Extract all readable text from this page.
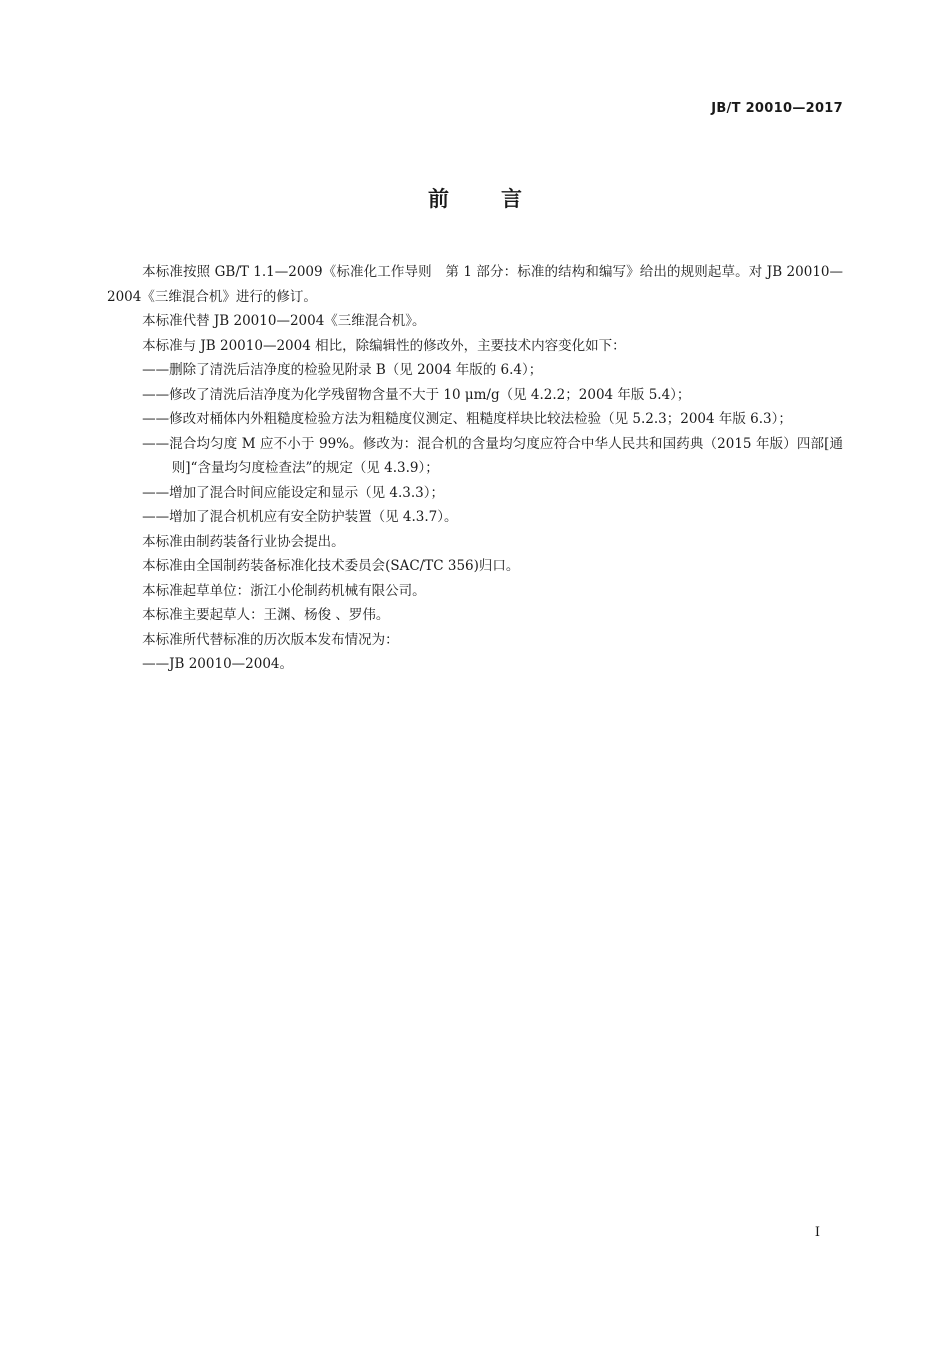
JB/T 20010—2017
前 言

本标准按照 GB/T 1.1—2009《标准化工作导则　第 1 部分：标准的结构和编写》给出的规则起草。对 JB 20010—2004《三维混合机》进行的修订。

本标准代替 JB 20010—2004《三维混合机》。

本标准与 JB 20010—2004 相比，除编辑性的修改外，主要技术内容变化如下：

——删除了清洗后洁净度的检验见附录 B（见 2004 年版的 6.4）；

——修改了清洗后洁净度为化学残留物含量不大于 10 μm/g（见 4.2.2；2004 年版 5.4）；

——修改对桶体内外粗糙度检验方法为粗糙度仪测定、粗糙度样块比较法检验（见 5.2.3；2004 年版 6.3）；

——混合均匀度 M 应不小于 99%。修改为：混合机的含量均匀度应符合中华人民共和国药典（2015 年版）四部[通则]“含量均匀度检查法”的规定（见 4.3.9）；

——增加了混合时间应能设定和显示（见 4.3.3）；

——增加了混合机机应有安全防护装置（见 4.3.7）。

本标准由制药装备行业协会提出。

本标准由全国制药装备标准化技术委员会(SAC/TC 356)归口。

本标准起草单位：浙江小伦制药机械有限公司。

本标准主要起草人：王渊、杨俊 、罗伟。

本标准所代替标准的历次版本发布情况为：

——JB 20010—2004。

I
